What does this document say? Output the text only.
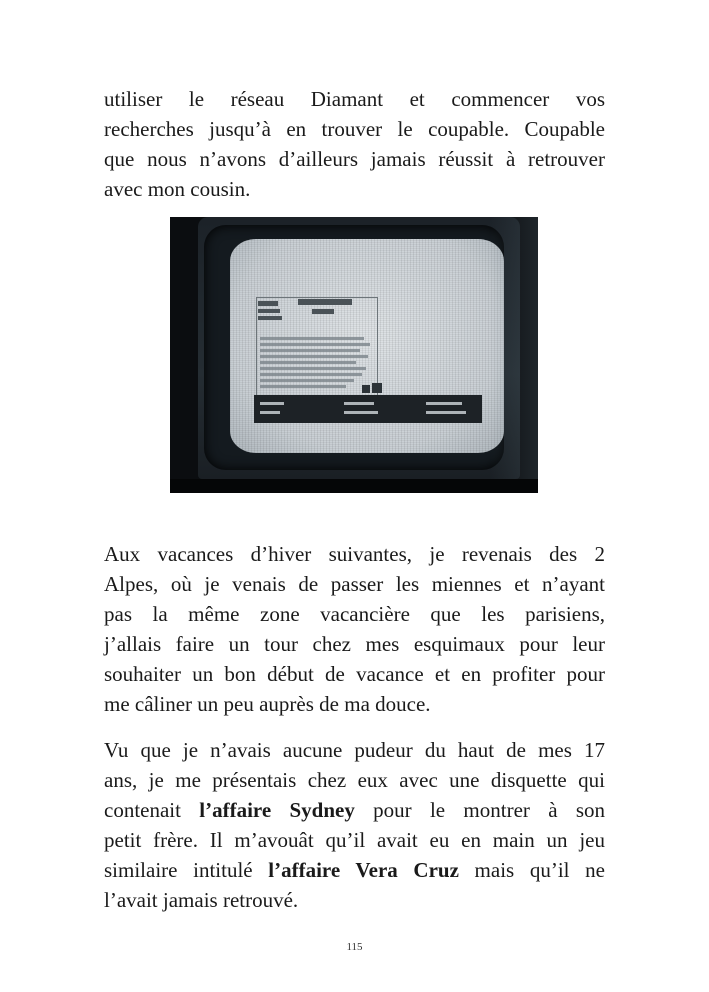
utiliser le réseau Diamant et commencer vos
recherches jusqu’à en trouver le coupable. Coupable
que nous n’avons d’ailleurs jamais réussit à retrouver
avec mon cousin.

Aux vacances d’hiver suivantes, je revenais des 2
Alpes, où je venais de passer les miennes et n’ayant
pas la même zone vacancière que les parisiens,
j’allais faire un tour chez mes esquimaux pour leur
souhaiter un bon début de vacance et en profiter pour
me câliner un peu auprès de ma douce.

Vu que je n’avais aucune pudeur du haut de mes 17
ans, je me présentais chez eux avec une disquette qui
contenait l’affaire Sydney pour le montrer à son
petit frère. Il m’avouât qu’il avait eu en main un jeu
similaire intitulé l’affaire Vera Cruz mais qu’il ne
l’avait jamais retrouvé.

115
